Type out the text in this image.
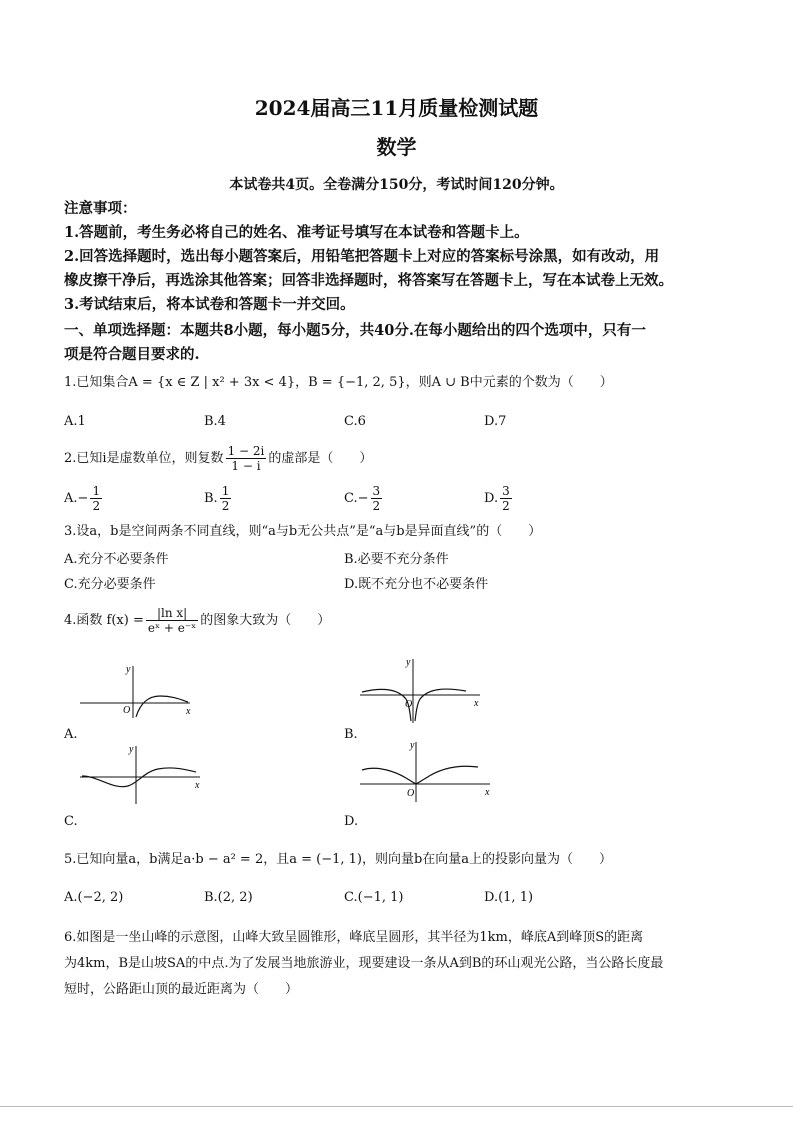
2024届高三11月质量检测试题
数学
本试卷共4页。全卷满分150分，考试时间120分钟。
注意事项：
1.答题前，考生务必将自己的姓名、准考证号填写在本试卷和答题卡上。
2.回答选择题时，选出每小题答案后，用铅笔把答题卡上对应的答案标号涂黑，如有改动，用
橡皮擦干净后，再选涂其他答案；回答非选择题时，将答案写在答题卡上，写在本试卷上无效。
3.考试结束后，将本试卷和答题卡一并交回。
一、单项选择题：本题共8小题，每小题5分，共40分.在每小题给出的四个选项中，只有一
项是符合题目要求的.
1.已知集合A = {x ∈ Z | x² + 3x < 4}，B = {−1, 2, 5}，则A ∪ B中元素的个数为（　　）
A.1	B.4	C.6	D.7
2.已知i是虚数单位，则复数 $\frac{1 - 2i}{1 - i}$ 的虚部是（　　）
$A.- \frac{1}{2}$	B. $\frac{1}{2}$	$C.- \frac{3}{2}$	D. $\frac{3}{2}$
3.设a，b是空间两条不同直线，则“a与b无公共点”是“a与b是异面直线”的（　　）
A.充分不必要条件	B.必要不充分条件
C.充分必要条件	D.既不充分也不必要条件
4.函数 $f(x) = \frac{\text{|ln x|}}{\text{eˣ + e⁻ˣ}}$ 的图象大致为（　　）
y
x
O
A.
y
x
O
B.
y
x
C.
y
x
O
D.
5.已知向量a，b满足a·b − a² = 2，且a = (−1, 1)，则向量b在向量a上的投影向量为（　　）
A.(−2, 2)	B.(2, 2)	C.(−1, 1)	D.(1, 1)
6.如图是一坐山峰的示意图，山峰大致呈圆锥形，峰底呈圆形，其半径为1km，峰底A到峰顶S的距离
为4km，B是山坡SA的中点.为了发展当地旅游业，现要建设一条从A到B的环山观光公路，当公路长度最
短时，公路距山顶的最近距离为（　　）
